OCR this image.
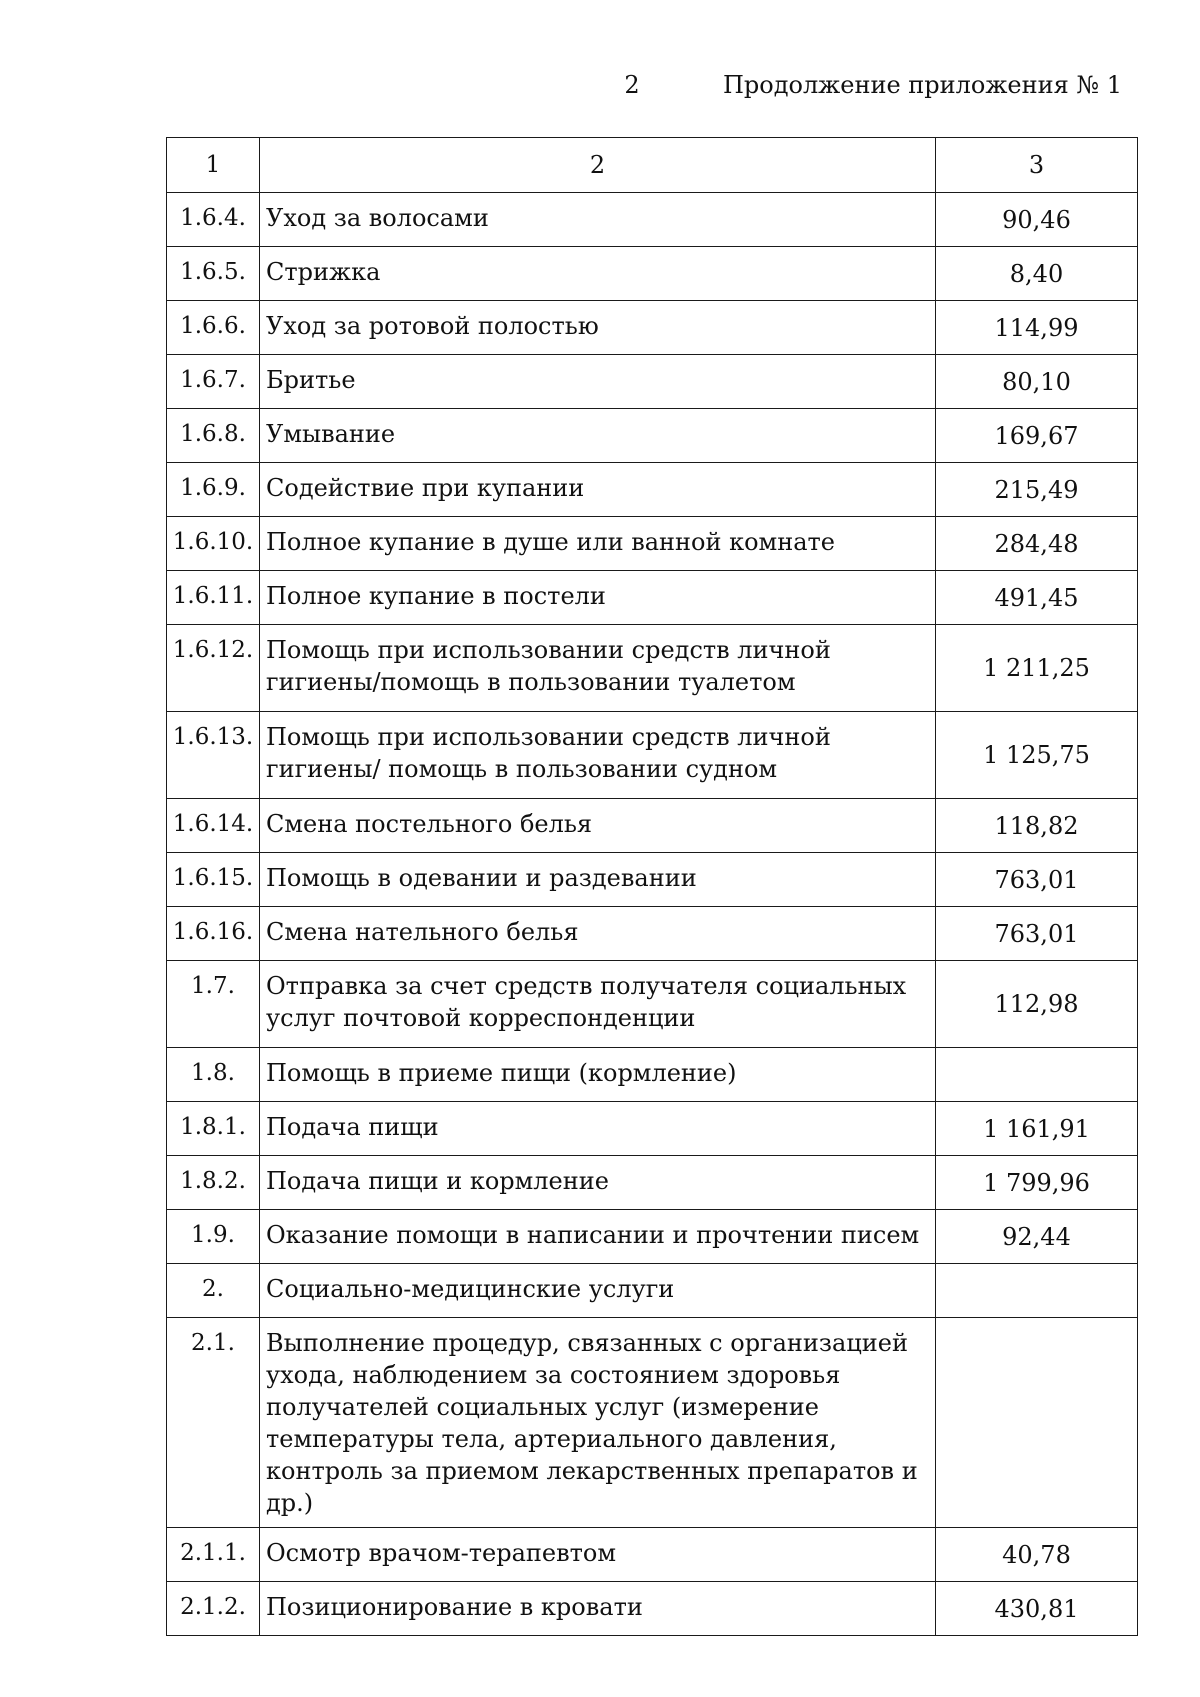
2	Продолжение приложения № 1
1	2	3
1.6.4.	Уход за волосами	90,46
1.6.5.	Стрижка	8,40
1.6.6.	Уход за ротовой полостью	114,99
1.6.7.	Бритье	80,10
1.6.8.	Умывание	169,67
1.6.9.	Содействие при купании	215,49
1.6.10.	Полное купание в душе или ванной комнате	284,48
1.6.11.	Полное купание в постели	491,45
1.6.12.	Помощь при использовании средств личной гигиены/помощь в пользовании туалетом	1 211,25
1.6.13.	Помощь при использовании средств личной гигиены/ помощь в пользовании судном	1 125,75
1.6.14.	Смена постельного белья	118,82
1.6.15.	Помощь в одевании и раздевании	763,01
1.6.16.	Смена нательного белья	763,01
1.7.	Отправка за счет средств получателя социальных услуг почтовой корреспонденции	112,98
1.8.	Помощь в приеме пищи (кормление)	
1.8.1.	Подача пищи	1 161,91
1.8.2.	Подача пищи и кормление	1 799,96
1.9.	Оказание помощи в написании и прочтении писем	92,44
2.	Социально-медицинские услуги	
2.1.	Выполнение процедур, связанных с организацией ухода, наблюдением за состоянием здоровья получателей социальных услуг (измерение температуры тела, артериального давления, контроль за приемом лекарственных препаратов и др.)	
2.1.1.	Осмотр врачом-терапевтом	40,78
2.1.2.	Позиционирование в кровати	430,81
